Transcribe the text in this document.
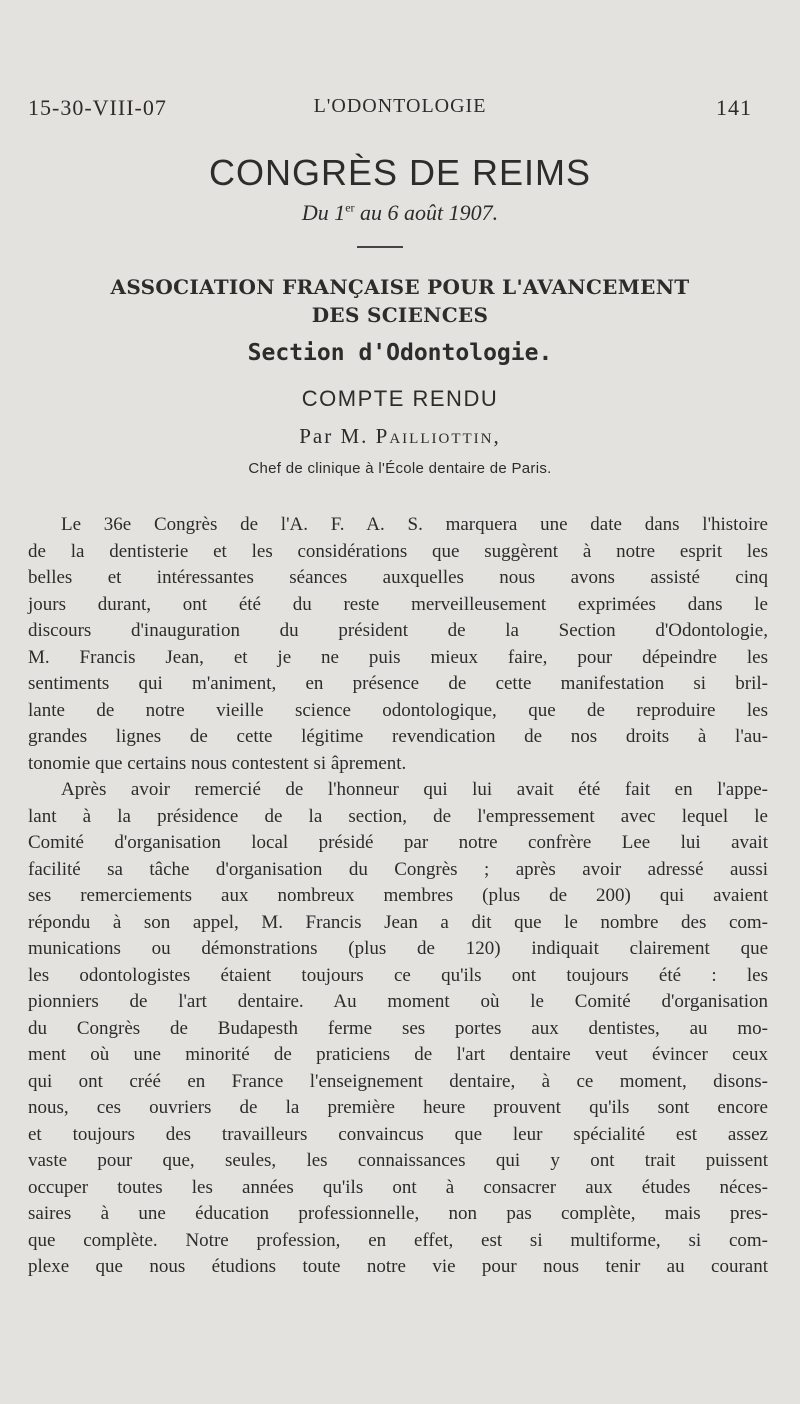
15-30-VIII-07	L'ODONTOLOGIE	141
CONGRÈS DE REIMS
Du 1er au 6 août 1907.
ASSOCIATION FRANÇAISE POUR L'AVANCEMENT
DES SCIENCES
Section d'Odontologie.
COMPTE RENDU
Par M. Pailliottin,
Chef de clinique à l'École dentaire de Paris.
Le 36e Congrès de l'A. F. A. S. marquera une date dans l'histoire
de la dentisterie et les considérations que suggèrent à notre esprit les
belles et intéressantes séances auxquelles nous avons assisté cinq
jours durant, ont été du reste merveilleusement exprimées dans le
discours d'inauguration du président de la Section d'Odontologie,
M. Francis Jean, et je ne puis mieux faire, pour dépeindre les
sentiments qui m'animent, en présence de cette manifestation si bril-
lante de notre vieille science odontologique, que de reproduire les
grandes lignes de cette légitime revendication de nos droits à l'au-
tonomie que certains nous contestent si âprement.
Après avoir remercié de l'honneur qui lui avait été fait en l'appe-
lant à la présidence de la section, de l'empressement avec lequel le
Comité d'organisation local présidé par notre confrère Lee lui avait
facilité sa tâche d'organisation du Congrès ; après avoir adressé aussi
ses remerciements aux nombreux membres (plus de 200) qui avaient
répondu à son appel, M. Francis Jean a dit que le nombre des com-
munications ou démonstrations (plus de 120) indiquait clairement que
les odontologistes étaient toujours ce qu'ils ont toujours été : les
pionniers de l'art dentaire. Au moment où le Comité d'organisation
du Congrès de Budapesth ferme ses portes aux dentistes, au mo-
ment où une minorité de praticiens de l'art dentaire veut évincer ceux
qui ont créé en France l'enseignement dentaire, à ce moment, disons-
nous, ces ouvriers de la première heure prouvent qu'ils sont encore
et toujours des travailleurs convaincus que leur spécialité est assez
vaste pour que, seules, les connaissances qui y ont trait puissent
occuper toutes les années qu'ils ont à consacrer aux études néces-
saires à une éducation professionnelle, non pas complète, mais pres-
que complète. Notre profession, en effet, est si multiforme, si com-
plexe que nous étudions toute notre vie pour nous tenir au courant
